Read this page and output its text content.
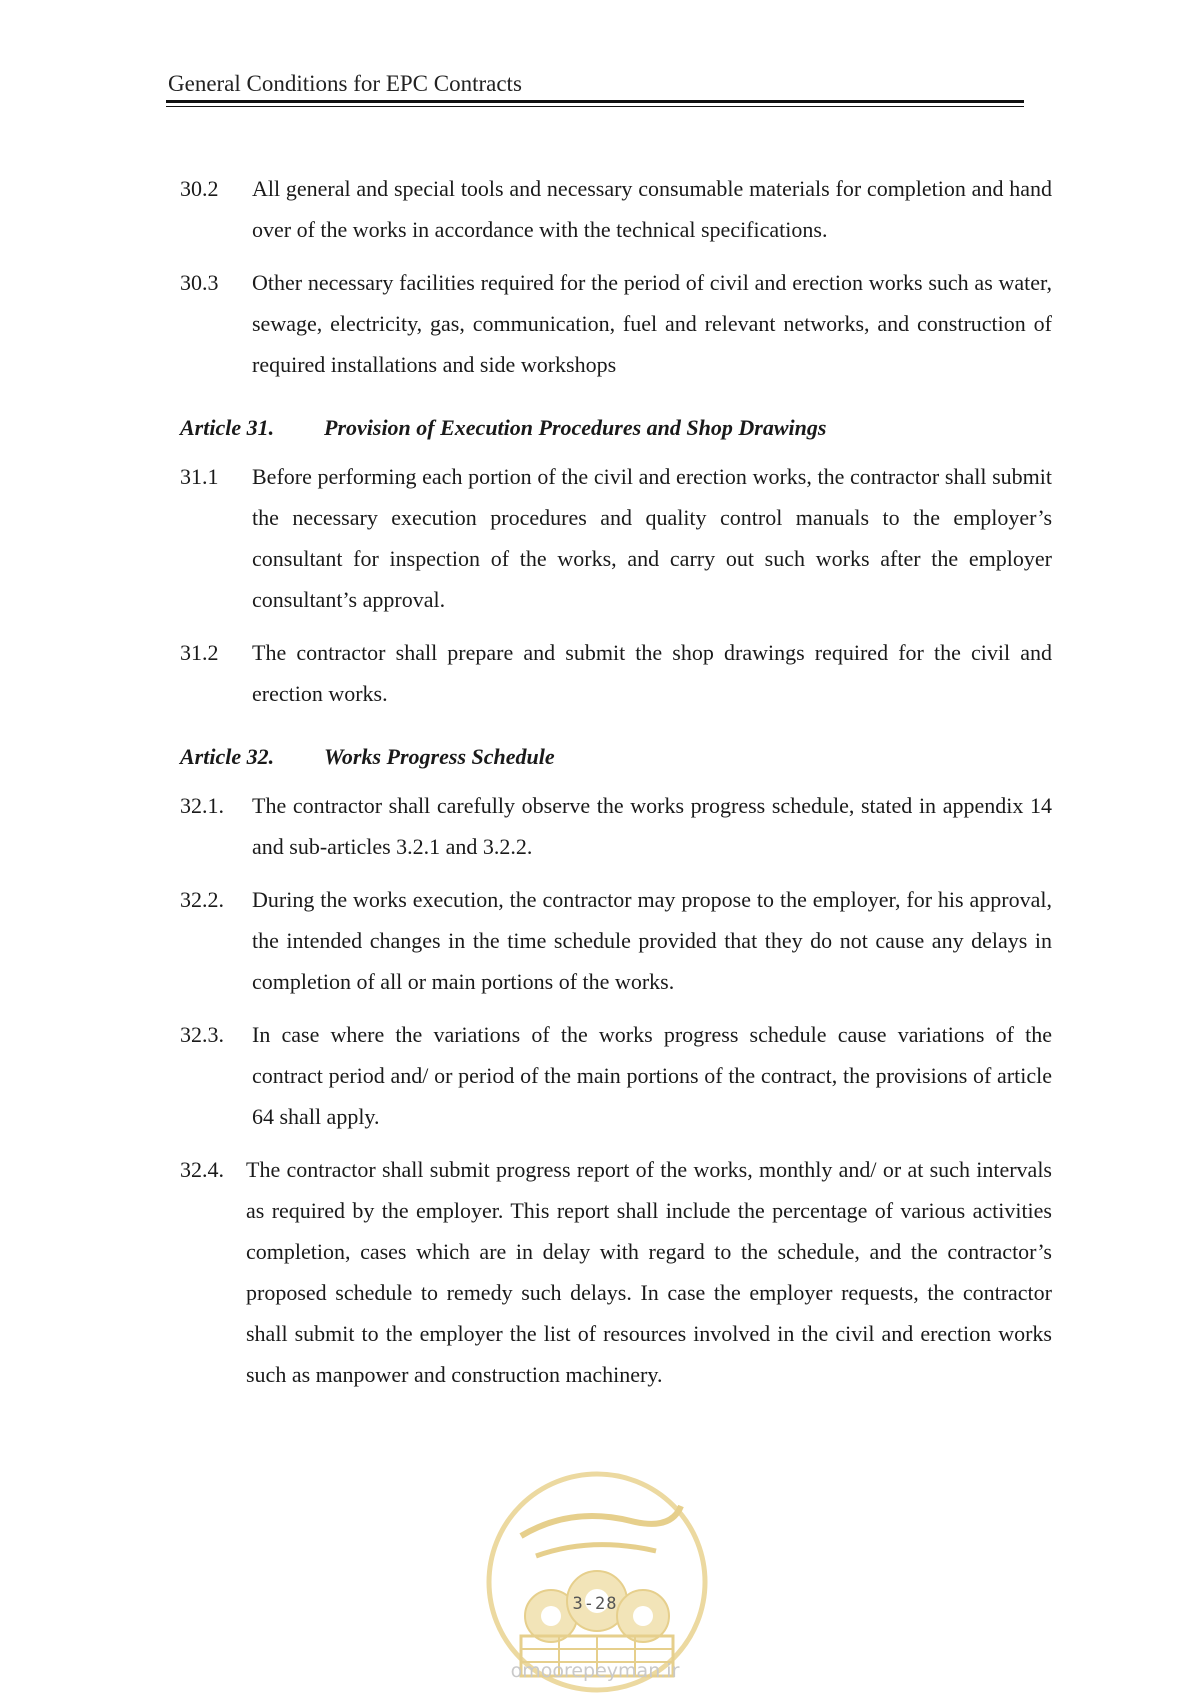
General Conditions for EPC Contracts
30.2	All general and special tools and necessary consumable materials for completion and hand over of the works in accordance with the technical specifications.
30.3	Other necessary facilities required for the period of civil and erection works such as water, sewage, electricity, gas, communication, fuel and relevant networks, and construction of required installations and side workshops
Article 31.	Provision of Execution Procedures and Shop Drawings
31.1	Before performing each portion of the civil and erection works, the contractor shall submit the necessary execution procedures and quality control manuals to the employer’s consultant for inspection of the works, and carry out such works after the employer consultant’s approval.
31.2	The contractor shall prepare and submit the shop drawings required for the civil and erection works.
Article 32.	Works Progress Schedule
32.1.	The contractor shall carefully observe the works progress schedule, stated in appendix 14 and sub-articles 3.2.1 and 3.2.2.
32.2.	During the works execution, the contractor may propose to the employer, for his approval, the intended changes in the time schedule provided that they do not cause any delays in completion of all or main portions of the works.
32.3.	In case where the variations of the works progress schedule cause variations of the contract period and/ or period of the main portions of the contract, the provisions of article 64 shall apply.
32.4.	The contractor shall submit progress report of the works, monthly and/ or at such intervals as required by the employer. This report shall include the percentage of various activities completion, cases which are in delay with regard to the schedule, and the contractor’s proposed schedule to remedy such delays. In case the employer requests, the contractor shall submit to the employer the list of resources involved in the civil and erection works such as manpower and construction machinery.
3-28
omoorepeyman.ir
